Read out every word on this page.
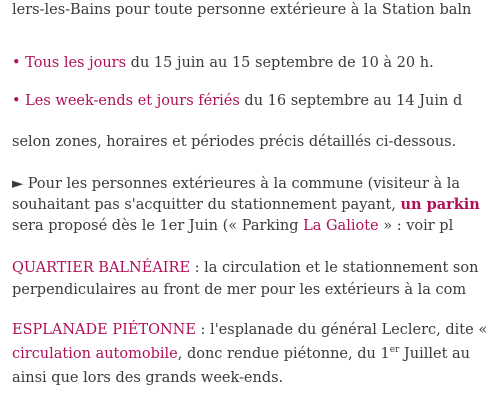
lers-les-Bains pour toute personne extérieure à la Station baln
• Tous les jours du 15 juin au 15 septembre de 10 à 20 h.
• Les week-ends et jours fériés du 16 septembre au 14 Juin d
selon zones, horaires et périodes précis détaillés ci-dessous.
► Pour les personnes extérieures à la commune (visiteur à la
souhaitant pas s'acquitter du stationnement payant, un parkin
sera proposé dès le 1er Juin (« Parking La Galiote » : voir pl
QUARTIER BALNÉAIRE : la circulation et le stationnement son
perpendiculaires au front de mer pour les extérieurs à la com
ESPLANADE PIÉTONNE : l'esplanade du général Leclerc, dite «
circulation automobile, donc rendue piétonne, du 1er Juillet au
ainsi que lors des grands week-ends.
